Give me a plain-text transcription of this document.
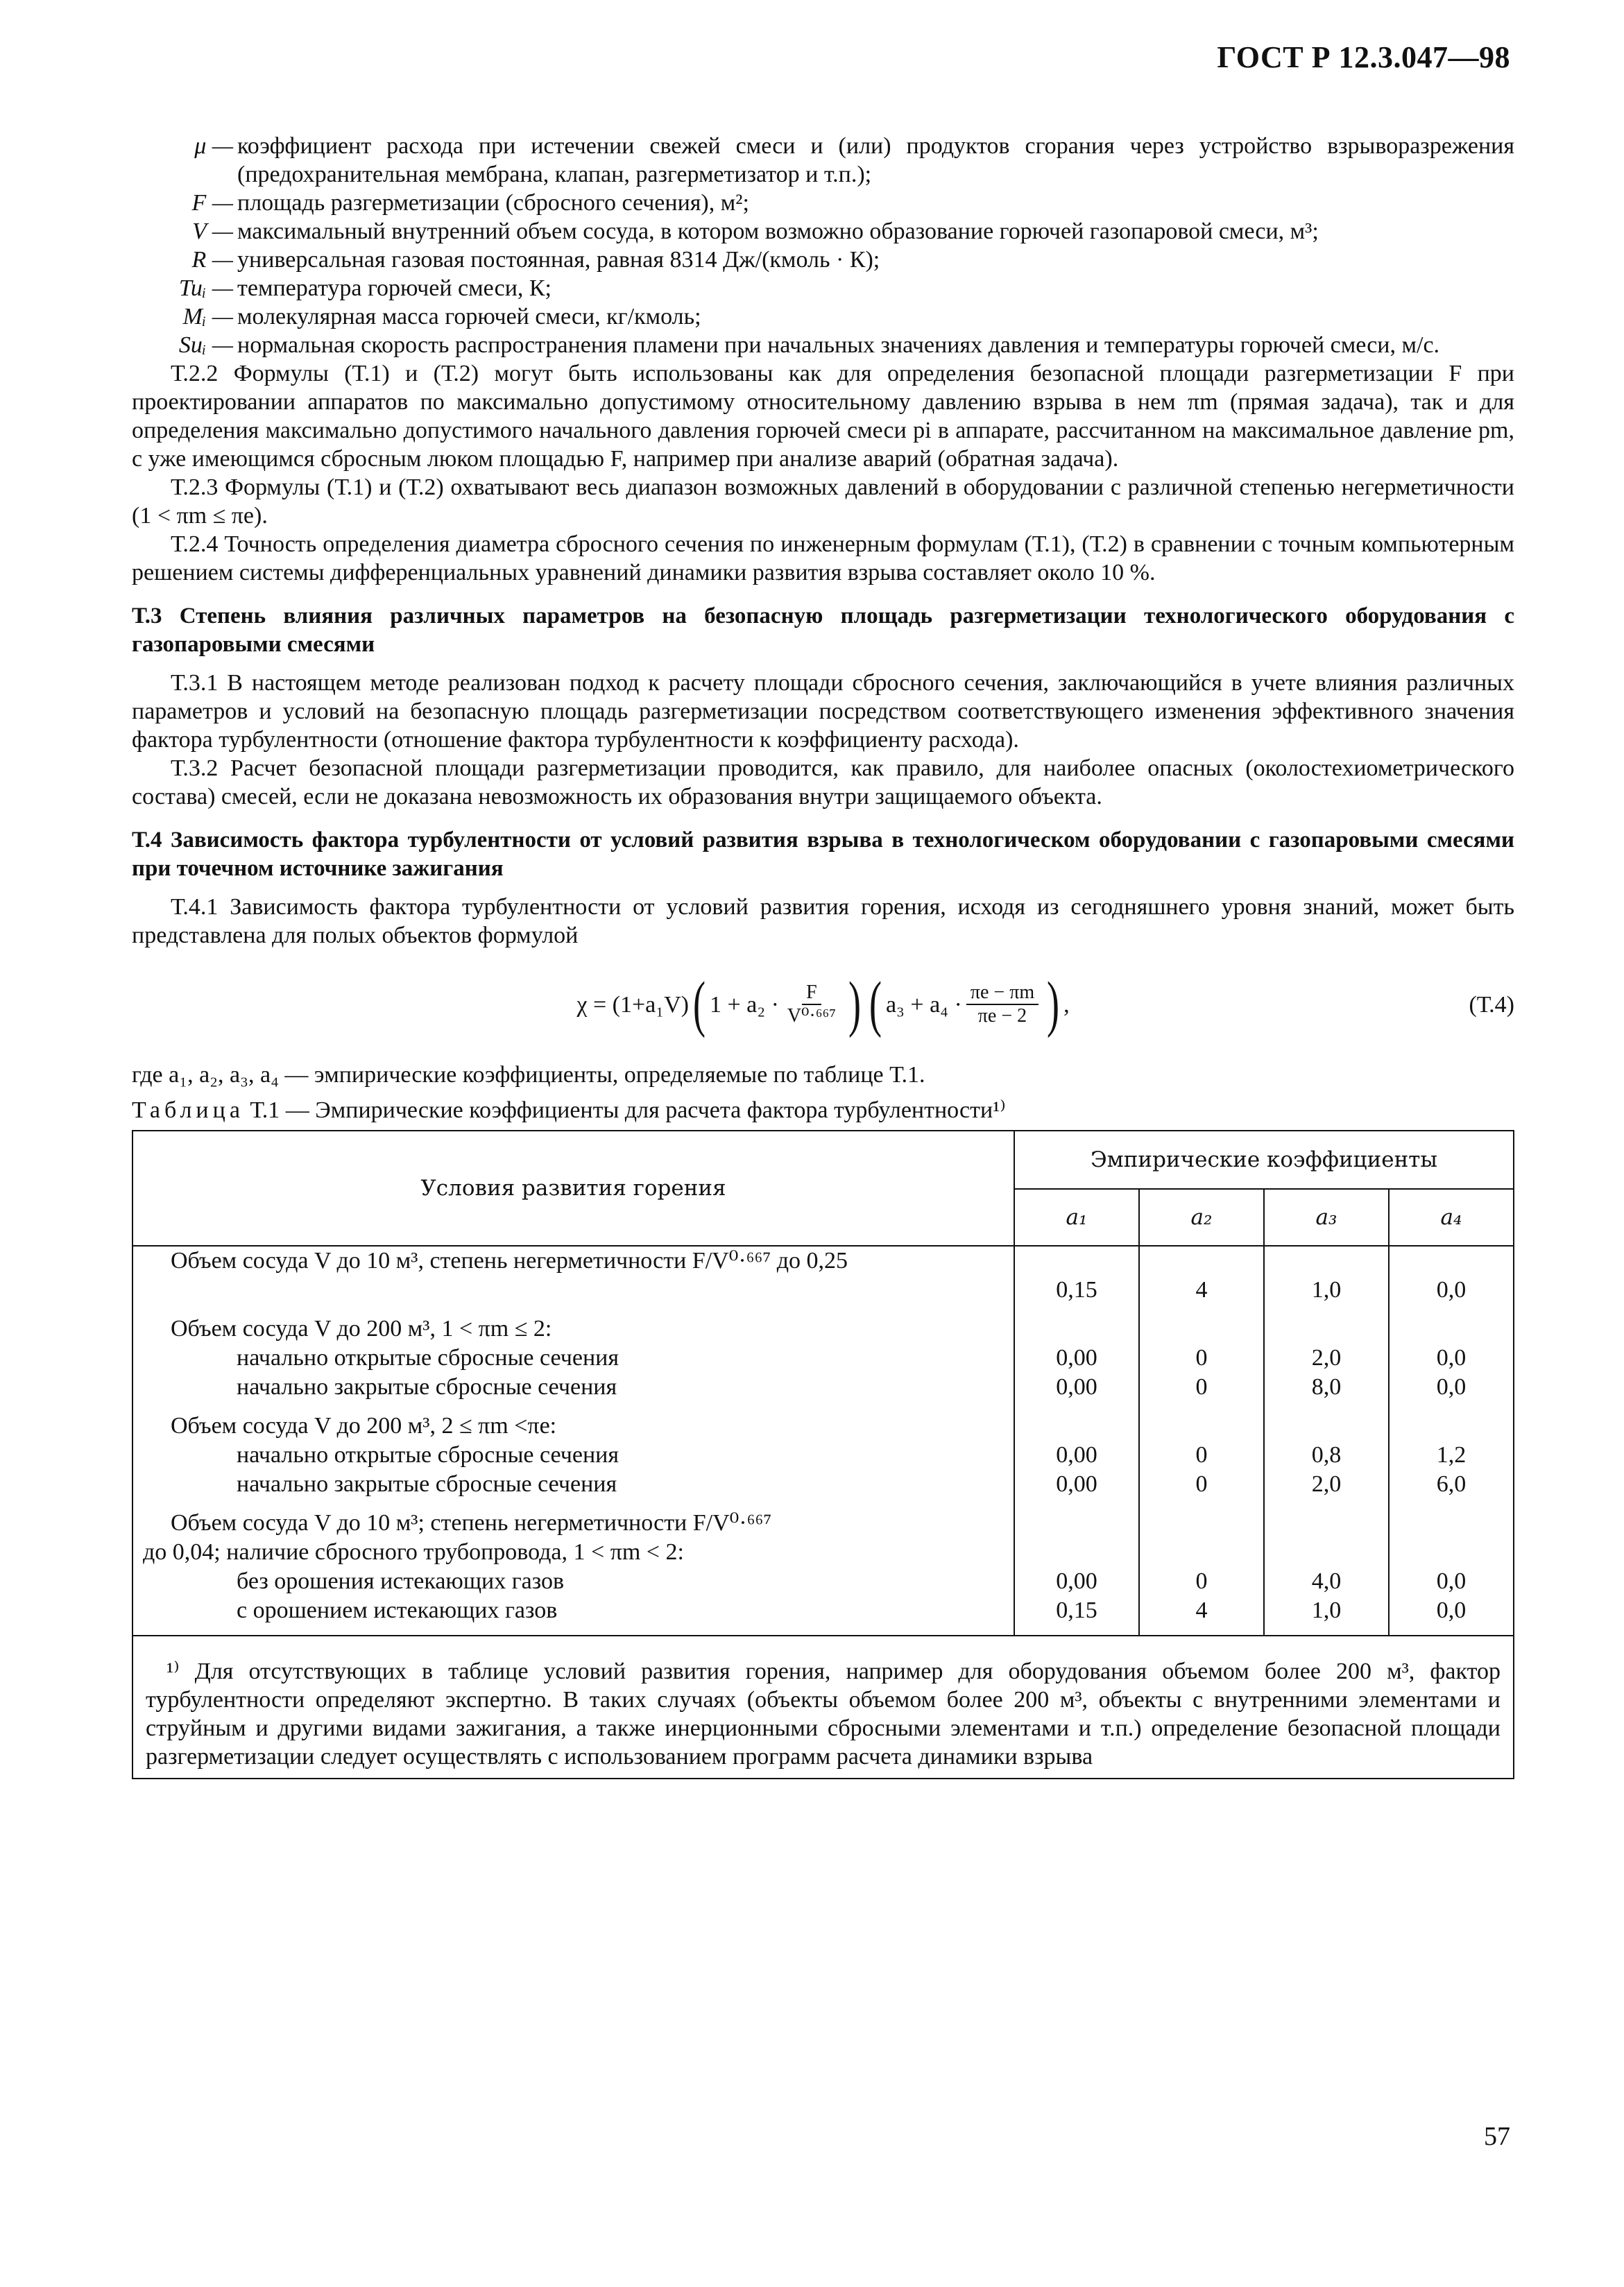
ГОСТ Р 12.3.047—98
μ — коэффициент расхода при истечении свежей смеси и (или) продуктов сгорания через устройство взрыворазрежения (предохранительная мембрана, клапан, разгерметизатор и т.п.);
F — площадь разгерметизации (сбросного сечения), м²;
V — максимальный внутренний объем сосуда, в котором возможно образование горючей газопаровой смеси, м³;
R — универсальная газовая постоянная, равная 8314 Дж/(кмоль · К);
Tuᵢ — температура горючей смеси, К;
Mᵢ — молекулярная масса горючей смеси, кг/кмоль;
Suᵢ — нормальная скорость распространения пламени при начальных значениях давления и температуры горючей смеси, м/с.

Т.2.2 Формулы (Т.1) и (Т.2) могут быть использованы как для определения безопасной площади разгерметизации F при проектировании аппаратов по максимально допустимому относительному давлению взрыва в нем πm (прямая задача), так и для определения максимально допустимого начального давления горючей смеси pi в аппарате, рассчитанном на максимальное давление pm, с уже имеющимся сбросным люком площадью F, например при анализе аварий (обратная задача).

Т.2.3 Формулы (Т.1) и (Т.2) охватывают весь диапазон возможных давлений в оборудовании с различной степенью негерметичности (1 < πm ≤ πe).

Т.2.4 Точность определения диаметра сбросного сечения по инженерным формулам (Т.1), (Т.2) в сравнении с точным компьютерным решением системы дифференциальных уравнений динамики развития взрыва составляет около 10 %.

Т.3 Степень влияния различных параметров на безопасную площадь разгерметизации технологического оборудования с газопаровыми смесями

Т.3.1 В настоящем методе реализован подход к расчету площади сбросного сечения, заключающийся в учете влияния различных параметров и условий на безопасную площадь разгерметизации посредством соответствующего изменения эффективного значения фактора турбулентности (отношение фактора турбулентности к коэффициенту расхода).

Т.3.2 Расчет безопасной площади разгерметизации проводится, как правило, для наиболее опасных (околостехиометрического состава) смесей, если не доказана невозможность их образования внутри защищаемого объекта.

Т.4 Зависимость фактора турбулентности от условий развития взрыва в технологическом оборудовании с газопаровыми смесями при точечном источнике зажигания

Т.4.1 Зависимость фактора турбулентности от условий развития горения, исходя из сегодняшнего уровня знаний, может быть представлена для полых объектов формулой

χ = (1+a₁V) ( $1 + a_2 \cdot \frac{F}{\text{V⁰·⁶⁶⁷}}$ ) ( $a_3 + a_4 \cdot \frac{\pi e - \pi m}{\pi e - 2}$ ) ,	(Т.4)
где a₁, a₂, a₃, a₄ — эмпирические коэффициенты, определяемые по таблице Т.1.
Таблица Т.1 — Эмпирические коэффициенты для расчета фактора турбулентности¹⁾
Условия развития горения	Эмпирические коэффициенты			
	a₁	a₂	a₃	a₄

Объем сосуда V до 10 м³, степень негерметичности F/V⁰·⁶⁶⁷ до 0,25				

	0,15	4	1,0	0,0

Объем сосуда V до 200 м³, 1 < πm ≤ 2:				

начально открытые сбросные сечения	0,00	0	2,0	0,0

начально закрытые сбросные сечения	0,00	0	8,0	0,0

Объем сосуда V до 200 м³, 2 ≤ πm <πe:				

начально открытые сбросные сечения	0,00	0	0,8	1,2

начально закрытые сбросные сечения	0,00	0	2,0	6,0

Объем сосуда V до 10 м³; степень негерметичности F/V⁰·⁶⁶⁷				

до 0,04; наличие сбросного трубопровода, 1 < πm < 2:				

без орошения истекающих газов	0,00	0	4,0	0,0

с орошением истекающих газов	0,15	4	1,0	0,0
¹⁾ Для отсутствующих в таблице условий развития горения, например для оборудования объемом более 200 м³, фактор турбулентности определяют экспертно. В таких случаях (объекты объемом более 200 м³, объекты с внутренними элементами и струйным и другими видами зажигания, а также инерционными сбросными элементами и т.п.) определение безопасной площади разгерметизации следует осуществлять с использованием программ расчета динамики взрыва
57
